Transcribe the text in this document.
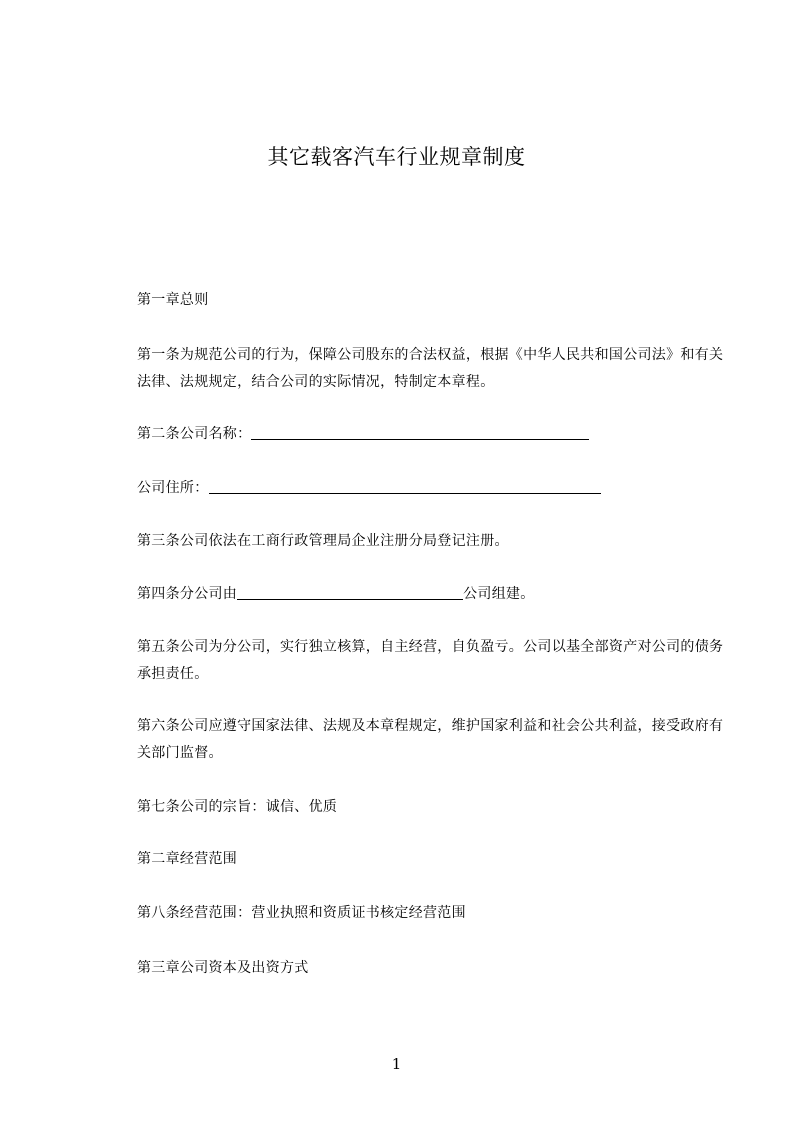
其它载客汽车行业规章制度
第一章总则
第一条为规范公司的行为，保障公司股东的合法权益，根据《中华人民共和国公司法》和有关法律、法规规定，结合公司的实际情况，特制定本章程。
第二条公司名称：
公司住所：
第三条公司依法在工商行政管理局企业注册分局登记注册。
第四条分公司由	公司组建。
第五条公司为分公司，实行独立核算，自主经营，自负盈亏。公司以基全部资产对公司的债务承担责任。
第六条公司应遵守国家法律、法规及本章程规定，维护国家利益和社会公共利益，接受政府有关部门监督。
第七条公司的宗旨：诚信、优质
第二章经营范围
第八条经营范围：营业执照和资质证书核定经营范围
第三章公司资本及出资方式
1
